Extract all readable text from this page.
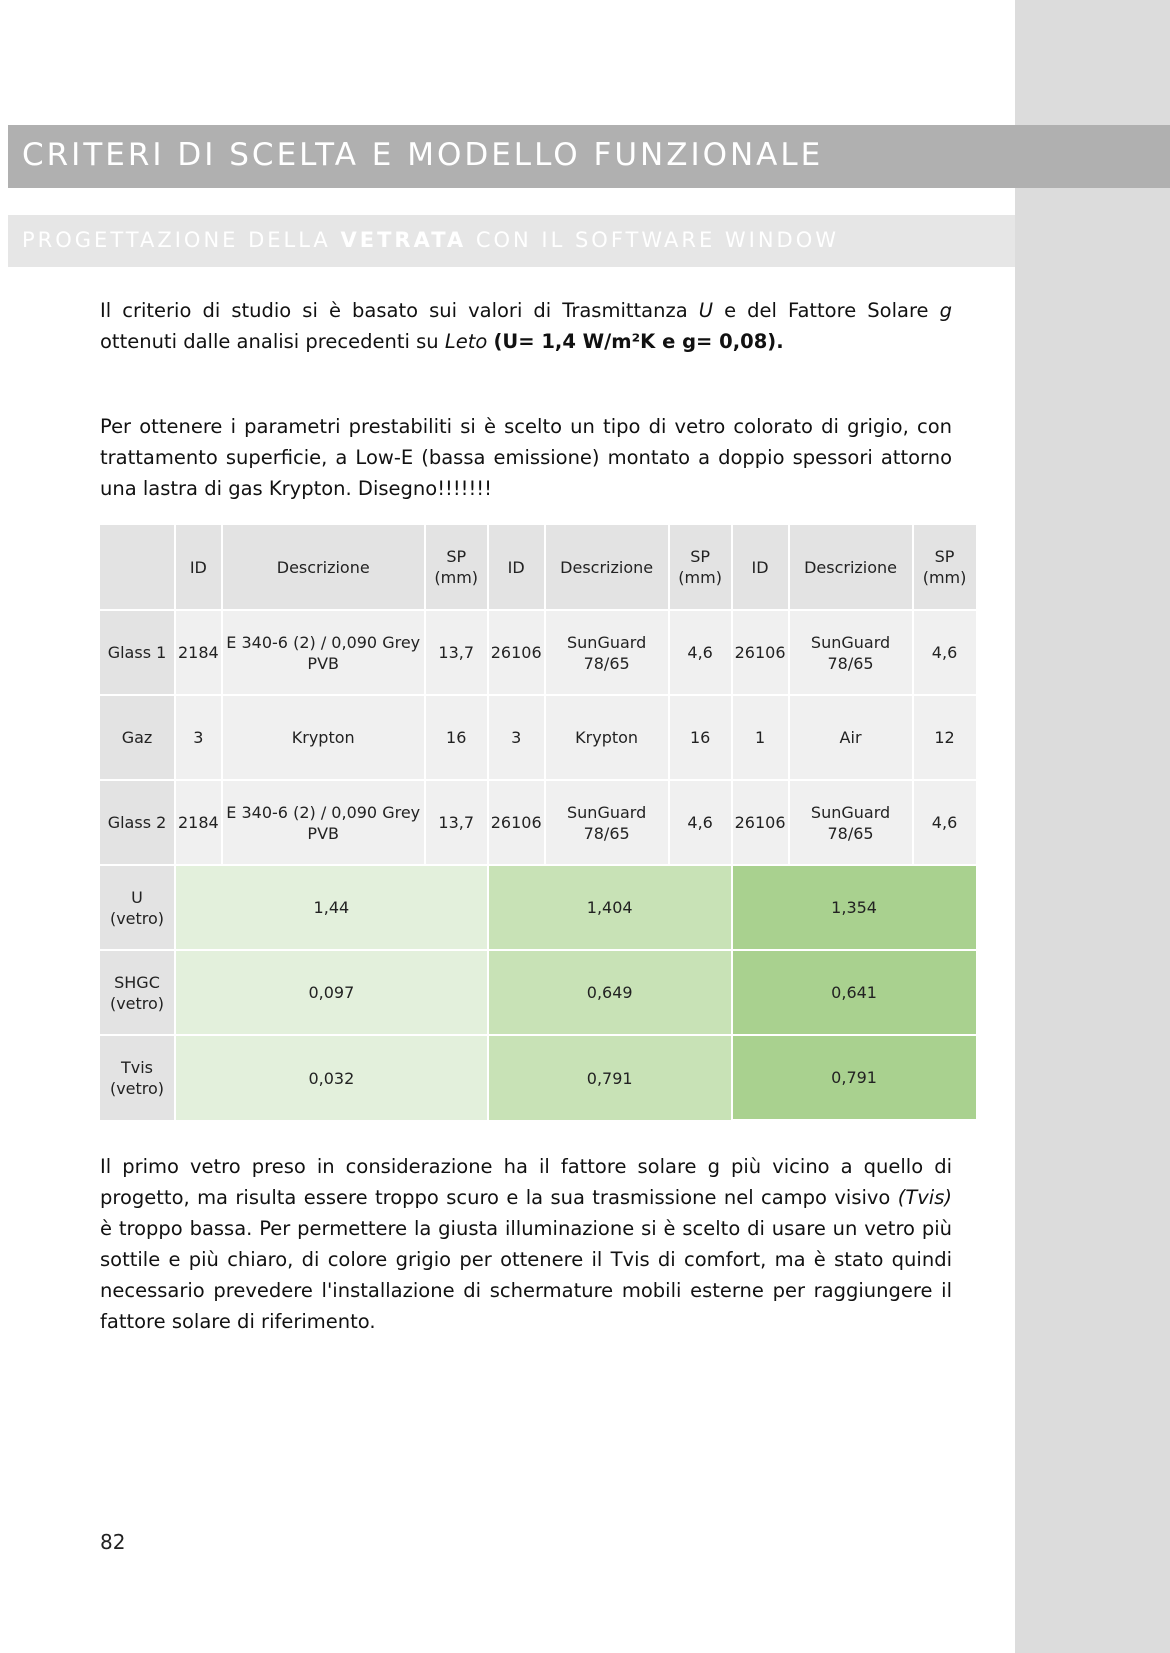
CRITERI DI SCELTA E MODELLO FUNZIONALE
PROGETTAZIONE DELLA VETRATA CON IL SOFTWARE WINDOW

Il criterio di studio si è basato sui valori di Trasmittanza U e del Fattore Solare g ottenuti dalle analisi precedenti su Leto (U= 1,4 W/m²K e g= 0,08).

Per ottenere i parametri prestabiliti si è scelto un tipo di vetro colorato di grigio, con trattamento superficie, a Low-E (bassa emissione) montato a doppio spessori attorno una lastra di gas Krypton. Disegno!!!!!!!

	ID	Descrizione	SP (mm)	ID	Descrizione	SP (mm)	ID	Descrizione	SP (mm)
Glass 1	2184	E 340-6 (2) / 0,090 Grey PVB	13,7	26106	SunGuard 78/65	4,6	26106	SunGuard 78/65	4,6
Gaz	3	Krypton	16	3	Krypton	16	1	Air	12
Glass 2	2184	E 340-6 (2) / 0,090 Grey PVB	13,7	26106	SunGuard 78/65	4,6	26106	SunGuard 78/65	4,6
U (vetro)	1,44			1,404			1,354		
SHGC (vetro)	0,097			0,649			0,641		
Tvis (vetro)	0,032			0,791			0,791		

Il primo vetro preso in considerazione ha il fattore solare g più vicino a quello di progetto, ma risulta essere troppo scuro e la sua trasmissione nel campo visivo (Tvis) è troppo bassa. Per permettere la giusta illuminazione si è scelto di usare un vetro più sottile e più chiaro, di colore grigio per ottenere il Tvis di comfort, ma è stato quindi necessario prevedere l'installazione di schermature mobili esterne per raggiungere il fattore solare di riferimento.

82
